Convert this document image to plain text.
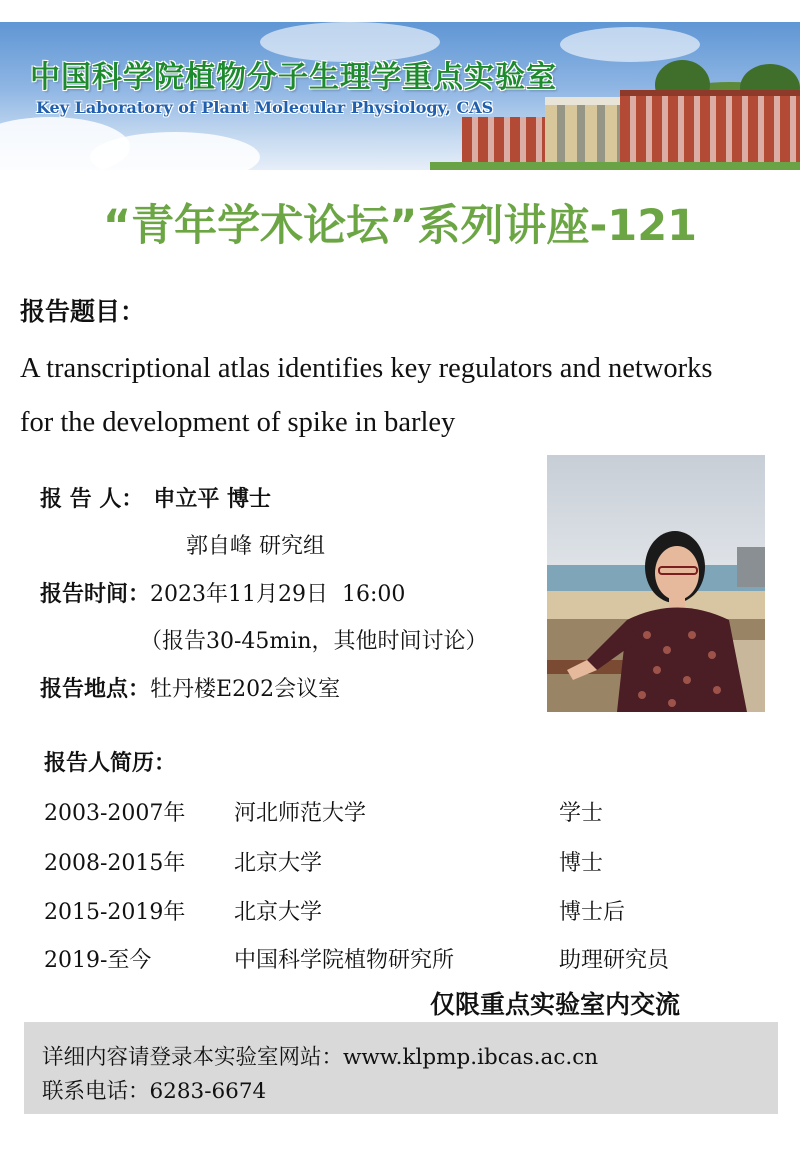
中国科学院植物分子生理学重点实验室
Key Laboratory of Plant Molecular Physiology, CAS
“青年学术论坛”系列讲座-121
报告题目：
A transcriptional atlas identifies key regulators and networks
for the development of spike in barley
报 告 人： 申立平 博士
郭自峰 研究组
报告时间：2023年11月29日  16:00
（报告30-45min，其他时间讨论）
报告地点：牡丹楼E202会议室
报告人简历：
2003-2007年 河北师范大学	学士
2008-2015年 北京大学	博士
2015-2019年 北京大学	博士后
2019-至今	中国科学院植物研究所	助理研究员
仅限重点实验室内交流
详细内容请登录本实验室网站：www.klpmp.ibcas.ac.cn
联系电话：6283-6674
